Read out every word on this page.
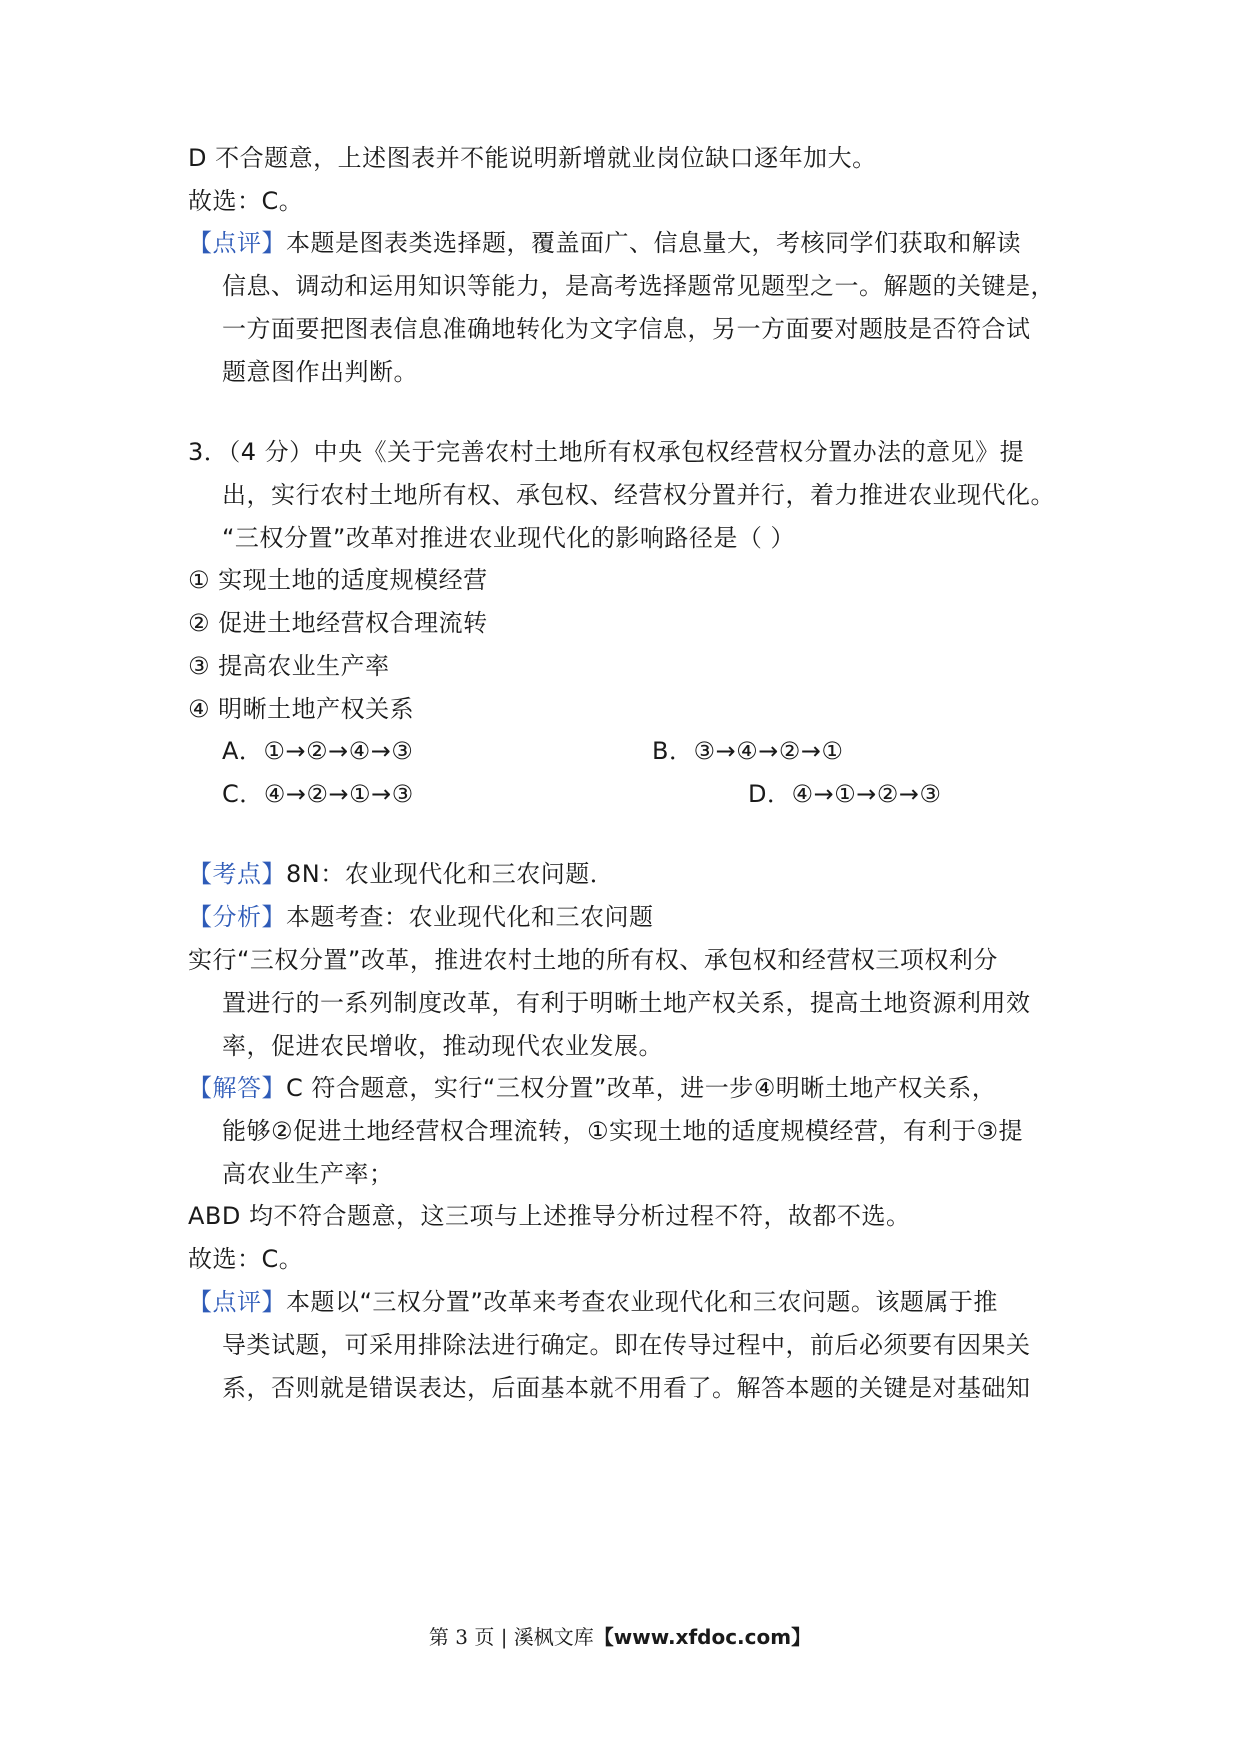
D 不合题意，上述图表并不能说明新增就业岗位缺口逐年加大。
故选：C。
【点评】本题是图表类选择题，覆盖面广、信息量大，考核同学们获取和解读
信息、调动和运用知识等能力，是高考选择题常见题型之一。解题的关键是，
一方面要把图表信息准确地转化为文字信息，另一方面要对题肢是否符合试
题意图作出判断。
3．（4 分）中央《关于完善农村土地所有权承包权经营权分置办法的意见》提
出，实行农村土地所有权、承包权、经营权分置并行，着力推进农业现代化。
“三权分置”改革对推进农业现代化的影响路径是（ ）
① 实现土地的适度规模经营
② 促进土地经营权合理流转
③ 提高农业生产率
④ 明晰土地产权关系
A．①→②→④→③	B．③→④→②→①
C．④→②→①→③	D．④→①→②→③
【考点】8N：农业现代化和三农问题．
【分析】本题考查：农业现代化和三农问题
实行“三权分置”改革，推进农村土地的所有权、承包权和经营权三项权利分
置进行的一系列制度改革，有利于明晰土地产权关系，提高土地资源利用效
率，促进农民增收，推动现代农业发展。
【解答】C 符合题意，实行“三权分置”改革，进一步④明晰土地产权关系，
能够②促进土地经营权合理流转，①实现土地的适度规模经营，有利于③提
高农业生产率；
ABD 均不符合题意，这三项与上述推导分析过程不符，故都不选。
故选：C。
【点评】本题以“三权分置”改革来考查农业现代化和三农问题。该题属于推
导类试题，可采用排除法进行确定。即在传导过程中，前后必须要有因果关
系，否则就是错误表达，后面基本就不用看了。解答本题的关键是对基础知
第 3 页 | 溪枫文库【www.xfdoc.com】
